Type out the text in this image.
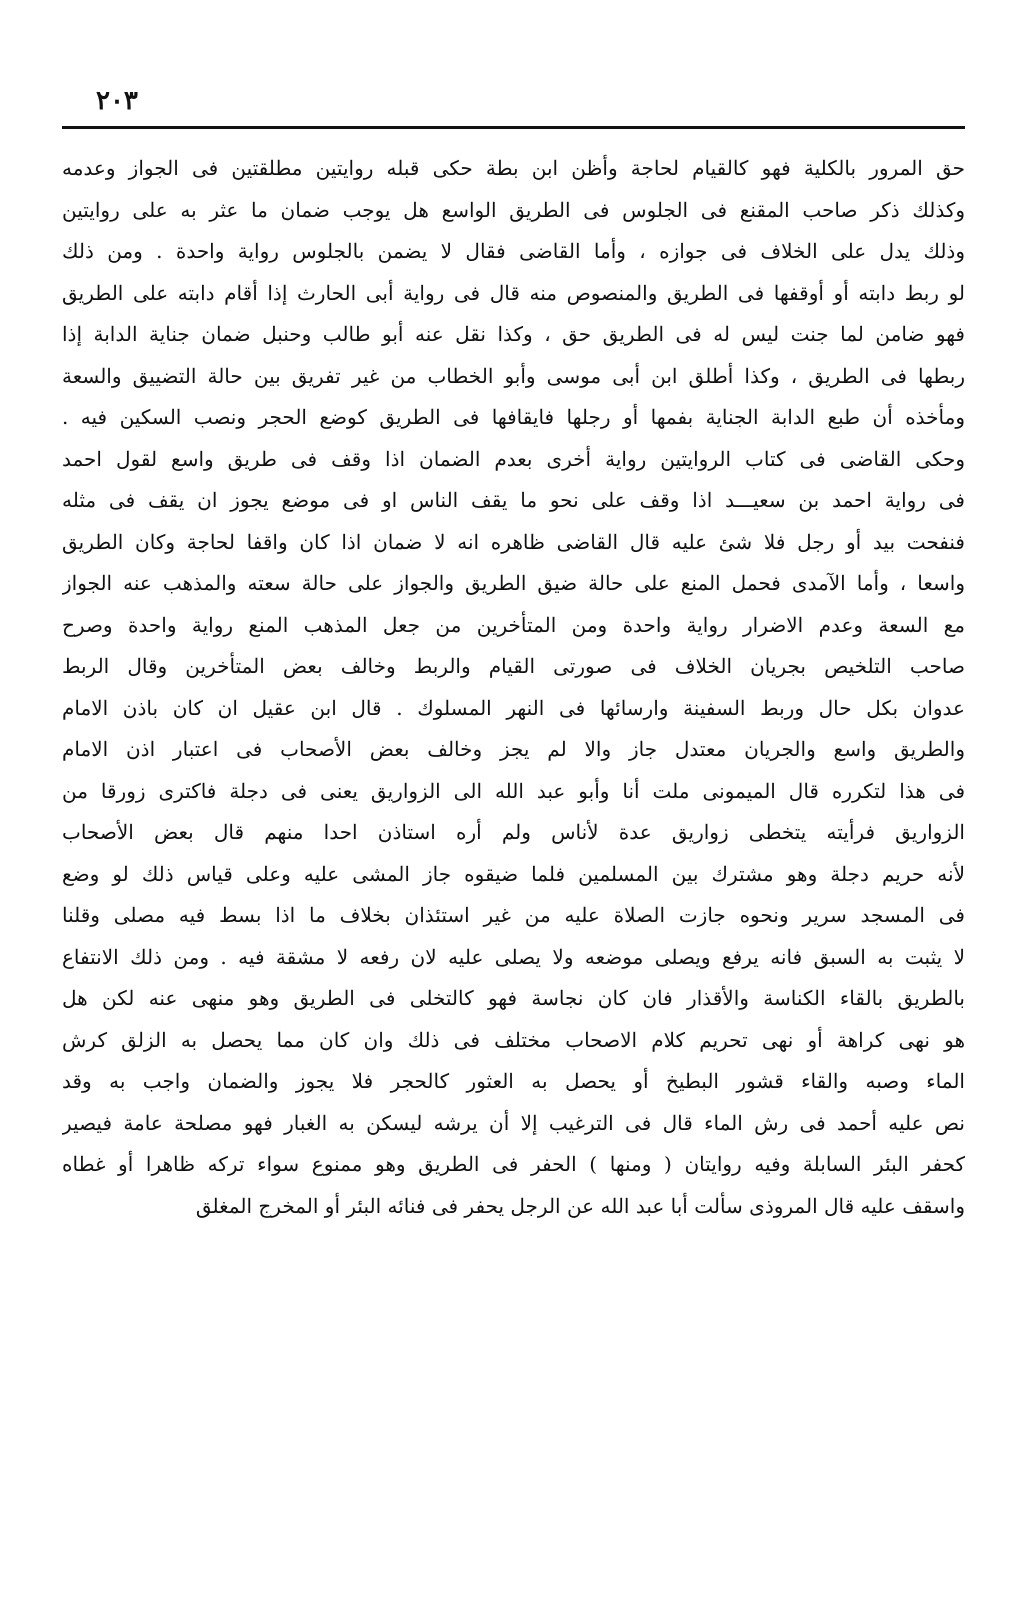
٢٠٣
حق المرور بالكلية فهو كالقيام لحاجة وأظن ابن بطة حكى قبله روايتين مطلقتين فى الجواز وعدمه
وكذلك ذكر صاحب المقنع فى الجلوس فى الطريق الواسع هل يوجب ضمان ما عثر به على روايتين
وذلك يدل على الخلاف فى جوازه ، وأما القاضى فقال لا يضمن بالجلوس رواية واحدة . ومن ذلك
لو ربط دابته أو أوقفها فى الطريق والمنصوص منه قال فى رواية أبى الحارث إذا أقام دابته على الطريق
فهو ضامن لما جنت ليس له فى الطريق حق ، وكذا نقل عنه أبو طالب وحنبل ضمان جناية الدابة إذا
ربطها فى الطريق ، وكذا أطلق ابن أبى موسى وأبو الخطاب من غير تفريق بين حالة التضييق والسعة
ومأخذه أن طبع الدابة الجناية بفمها أو رجلها فايقافها فى الطريق كوضع الحجر ونصب السكين فيه .
وحكى القاضى فى كتاب الروايتين رواية أخرى بعدم الضمان اذا وقف فى طريق واسع لقول احمد
فى رواية احمد بن سعيـــد اذا وقف على نحو ما يقف الناس او فى موضع يجوز ان يقف فى مثله
فنفحت بيد أو رجل فلا شئ عليه قال القاضى ظاهره انه لا ضمان اذا كان واقفا لحاجة وكان الطريق
واسعا ، وأما الآمدى فحمل المنع على حالة ضيق الطريق والجواز على حالة سعته والمذهب عنه الجواز
مع السعة وعدم الاضرار رواية واحدة ومن المتأخرين من جعل المذهب المنع رواية واحدة وصرح
صاحب التلخيص بجريان الخلاف فى صورتى القيام والربط وخالف بعض المتأخرين وقال الربط
عدوان بكل حال وربط السفينة وارسائها فى النهر المسلوك . قال ابن عقيل ان كان باذن الامام
والطريق واسع والجريان معتدل جاز والا لم يجز وخالف بعض الأصحاب فى اعتبار اذن الامام
فى هذا لتكرره قال الميمونى ملت أنا وأبو عبد الله الى الزواريق يعنى فى دجلة فاكترى زورقا من
الزواريق فرأيته يتخطى زواريق عدة لأناس ولم أره استاذن احدا منهم قال بعض الأصحاب
لأنه حريم دجلة وهو مشترك بين المسلمين فلما ضيقوه جاز المشى عليه وعلى قياس ذلك لو وضع
فى المسجد سرير ونحوه جازت الصلاة عليه من غير استئذان بخلاف ما اذا بسط فيه مصلى وقلنا
لا يثبت به السبق فانه يرفع ويصلى موضعه ولا يصلى عليه لان رفعه لا مشقة فيه . ومن ذلك الانتفاع
بالطريق بالقاء الكناسة والأقذار فان كان نجاسة فهو كالتخلى فى الطريق وهو منهى عنه لكن هل
هو نهى كراهة أو نهى تحريم كلام الاصحاب مختلف فى ذلك وان كان مما يحصل به الزلق كرش
الماء وصبه والقاء قشور البطيخ أو يحصل به العثور كالحجر فلا يجوز والضمان واجب به وقد
نص عليه أحمد فى رش الماء قال فى الترغيب إلا أن يرشه ليسكن به الغبار فهو مصلحة عامة فيصير
كحفر البئر السابلة وفيه روايتان ( ومنها ) الحفر فى الطريق وهو ممنوع سواء تركه ظاهرا أو غطاه
واسقف عليه قال المروذى سألت أبا عبد الله عن الرجل يحفر فى فنائه البئر أو المخرج المغلق
